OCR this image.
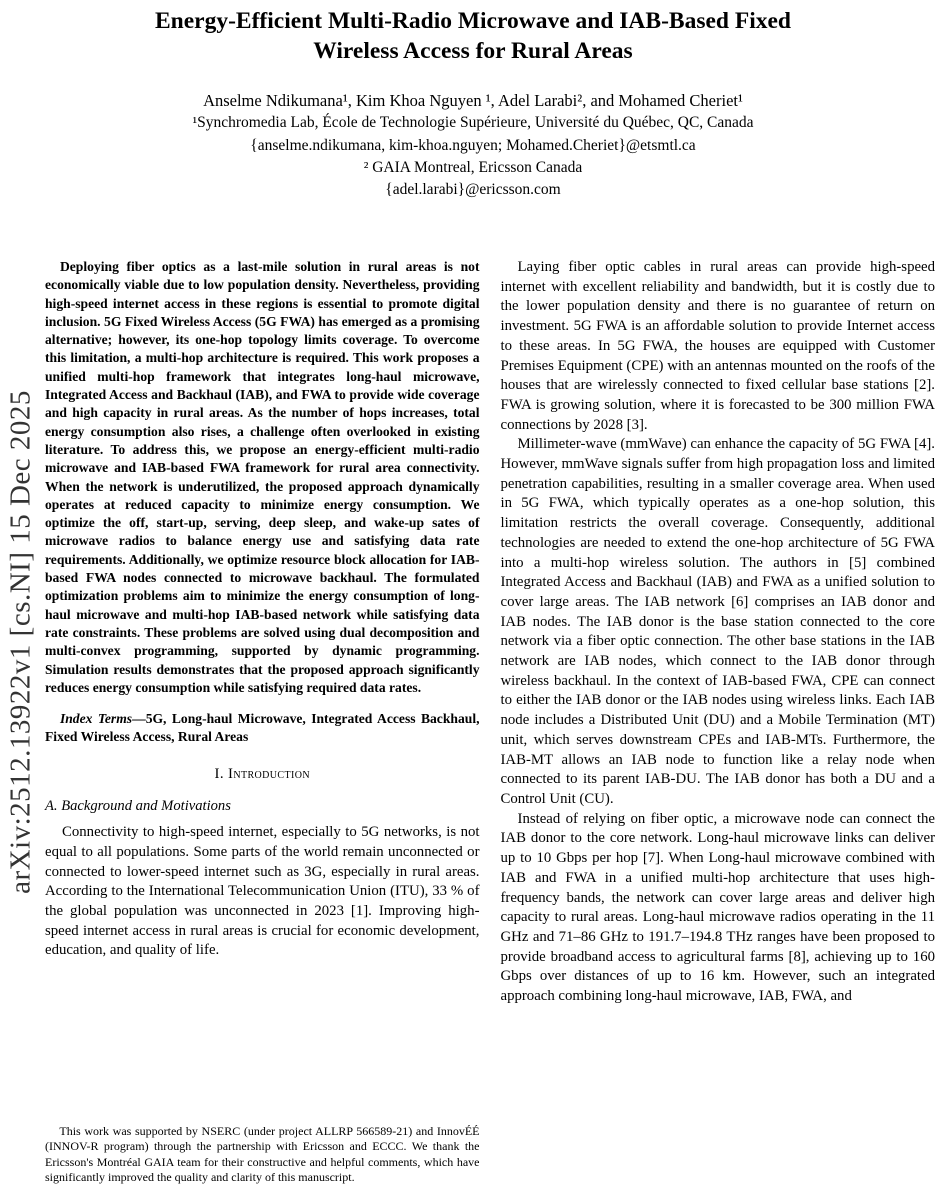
arXiv:2512.13922v1 [cs.NI] 15 Dec 2025
Energy-Efficient Multi-Radio Microwave and IAB-Based Fixed
Wireless Access for Rural Areas
Anselme Ndikumana¹, Kim Khoa Nguyen ¹, Adel Larabi², and Mohamed Cheriet¹
¹Synchromedia Lab, École de Technologie Supérieure, Université du Québec, QC, Canada
{anselme.ndikumana, kim-khoa.nguyen; Mohamed.Cheriet}@etsmtl.ca
² GAIA Montreal, Ericsson Canada
{adel.larabi}@ericsson.com

Deploying fiber optics as a last-mile solution in rural areas is not economically viable due to low population density. Nevertheless, providing high-speed internet access in these regions is essential to promote digital inclusion. 5G Fixed Wireless Access (5G FWA) has emerged as a promising alternative; however, its one-hop topology limits coverage. To overcome this limitation, a multi-hop architecture is required. This work proposes a unified multi-hop framework that integrates long-haul microwave, Integrated Access and Backhaul (IAB), and FWA to provide wide coverage and high capacity in rural areas. As the number of hops increases, total energy consumption also rises, a challenge often overlooked in existing literature. To address this, we propose an energy-efficient multi-radio microwave and IAB-based FWA framework for rural area connectivity. When the network is underutilized, the proposed approach dynamically operates at reduced capacity to minimize energy consumption. We optimize the off, start-up, serving, deep sleep, and wake-up sates of microwave radios to balance energy use and satisfying data rate requirements. Additionally, we optimize resource block allocation for IAB-based FWA nodes connected to microwave backhaul. The formulated optimization problems aim to minimize the energy consumption of long-haul microwave and multi-hop IAB-based network while satisfying data rate constraints. These problems are solved using dual decomposition and multi-convex programming, supported by dynamic programming. Simulation results demonstrates that the proposed approach significantly reduces energy consumption while satisfying required data rates.

Index Terms—5G, Long-haul Microwave, Integrated Access Backhaul, Fixed Wireless Access, Rural Areas

I. Introduction
A. Background and Motivations

Connectivity to high-speed internet, especially to 5G networks, is not equal to all populations. Some parts of the world remain unconnected or connected to lower-speed internet such as 3G, especially in rural areas. According to the International Telecommunication Union (ITU), 33 % of the global population was unconnected in 2023 [1]. Improving high-speed internet access in rural areas is crucial for economic development, education, and quality of life.

This work was supported by NSERC (under project ALLRP 566589-21) and InnovÉÉ (INNOV-R program) through the partnership with Ericsson and ECCC. We thank the Ericsson's Montréal GAIA team for their constructive and helpful comments, which have significantly improved the quality and clarity of this manuscript.

Laying fiber optic cables in rural areas can provide high-speed internet with excellent reliability and bandwidth, but it is costly due to the lower population density and there is no guarantee of return on investment. 5G FWA is an affordable solution to provide Internet access to these areas. In 5G FWA, the houses are equipped with Customer Premises Equipment (CPE) with an antennas mounted on the roofs of the houses that are wirelessly connected to fixed cellular base stations [2]. FWA is growing solution, where it is forecasted to be 300 million FWA connections by 2028 [3].

Millimeter-wave (mmWave) can enhance the capacity of 5G FWA [4]. However, mmWave signals suffer from high propagation loss and limited penetration capabilities, resulting in a smaller coverage area. When used in 5G FWA, which typically operates as a one-hop solution, this limitation restricts the overall coverage. Consequently, additional technologies are needed to extend the one-hop architecture of 5G FWA into a multi-hop wireless solution. The authors in [5] combined Integrated Access and Backhaul (IAB) and FWA as a unified solution to cover large areas. The IAB network [6] comprises an IAB donor and IAB nodes. The IAB donor is the base station connected to the core network via a fiber optic connection. The other base stations in the IAB network are IAB nodes, which connect to the IAB donor through wireless backhaul. In the context of IAB-based FWA, CPE can connect to either the IAB donor or the IAB nodes using wireless links. Each IAB node includes a Distributed Unit (DU) and a Mobile Termination (MT) unit, which serves downstream CPEs and IAB-MTs. Furthermore, the IAB-MT allows an IAB node to function like a relay node when connected to its parent IAB-DU. The IAB donor has both a DU and a Control Unit (CU).

Instead of relying on fiber optic, a microwave node can connect the IAB donor to the core network. Long-haul microwave links can deliver up to 10 Gbps per hop [7]. When Long-haul microwave combined with IAB and FWA in a unified multi-hop architecture that uses high-frequency bands, the network can cover large areas and deliver high capacity to rural areas. Long-haul microwave radios operating in the 11 GHz and 71–86 GHz to 191.7–194.8 THz ranges have been proposed to provide broadband access to agricultural farms [8], achieving up to 160 Gbps over distances of up to 16 km. However, such an integrated approach combining long-haul microwave, IAB, FWA, and
